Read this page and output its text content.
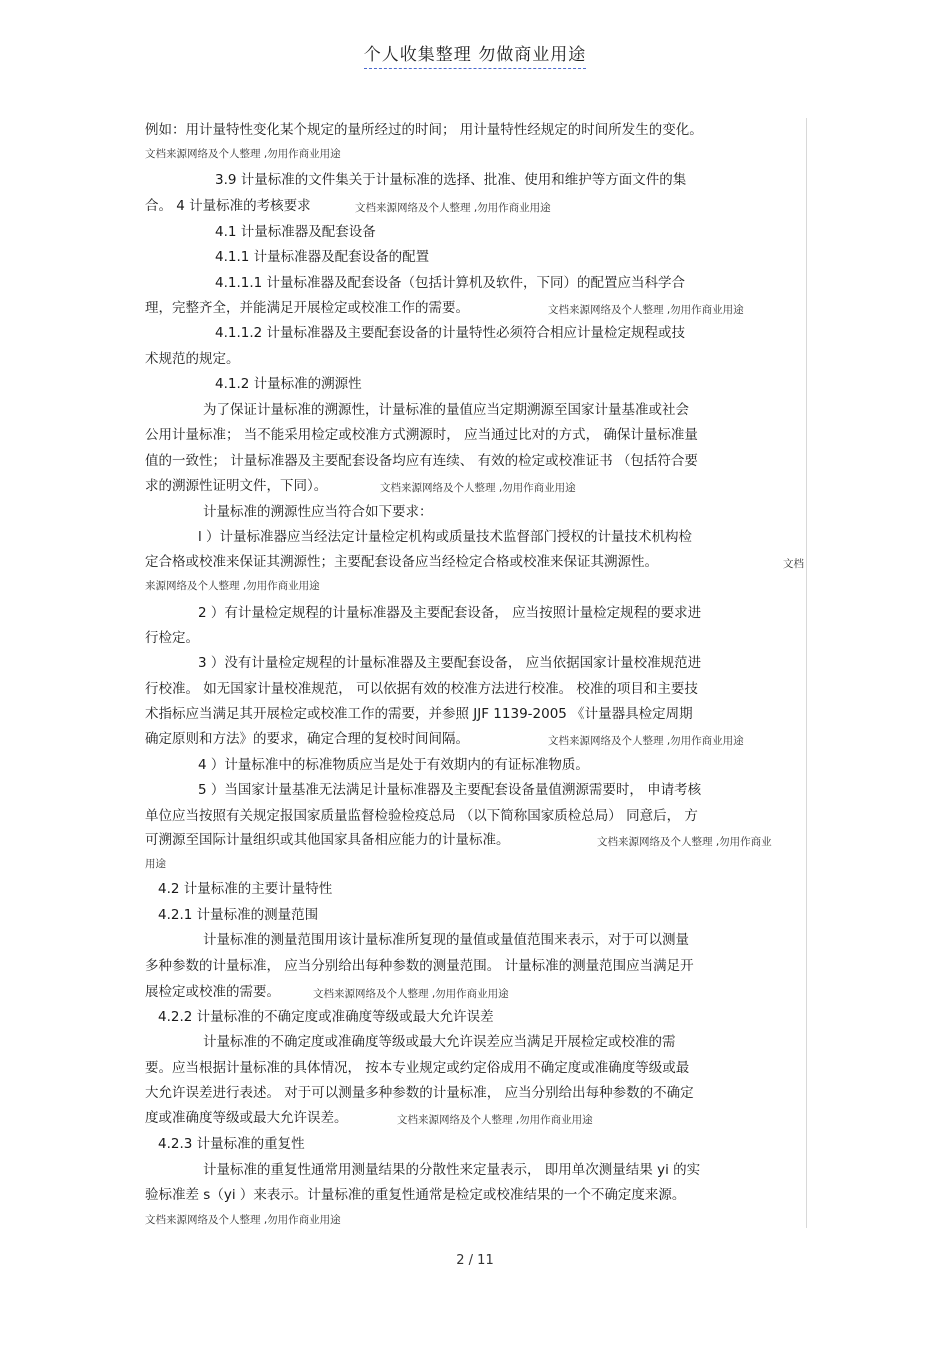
个人收集整理 勿做商业用途
例如：用计量特性变化某个规定的量所经过的时间； 用计量特性经规定的时间所发生的变化。
文档来源网络及个人整理 ,勿用作商业用途
3.9 计量标准的文件集关于计量标准的选择、批准、使用和维护等方面文件的集
合。 4 计量标准的考核要求	文档来源网络及个人整理 ,勿用作商业用途
4.1 计量标准器及配套设备
4.1.1 计量标准器及配套设备的配置
4.1.1.1 计量标准器及配套设备（包括计算机及软件，下同）的配置应当科学合
理，完整齐全，并能满足开展检定或校准工作的需要。	文档来源网络及个人整理 ,勿用作商业用途
4.1.1.2 计量标准器及主要配套设备的计量特性必须符合相应计量检定规程或技
术规范的规定。
4.1.2 计量标准的溯源性
为了保证计量标准的溯源性，计量标准的量值应当定期溯源至国家计量基准或社会
公用计量标准； 当不能采用检定或校准方式溯源时， 应当通过比对的方式， 确保计量标准量
值的一致性； 计量标准器及主要配套设备均应有连续、 有效的检定或校准证书 （包括符合要
求的溯源性证明文件，下同）。	文档来源网络及个人整理 ,勿用作商业用途
计量标准的溯源性应当符合如下要求：
l ）计量标准器应当经法定计量检定机构或质量技术监督部门授权的计量技术机构检
定合格或校准来保证其溯源性；主要配套设备应当经检定合格或校准来保证其溯源性。	文档
来源网络及个人整理 ,勿用作商业用途
2 ）有计量检定规程的计量标准器及主要配套设备， 应当按照计量检定规程的要求进
行检定。
3 ）没有计量检定规程的计量标准器及主要配套设备， 应当依据国家计量校准规范进
行校准。 如无国家计量校准规范， 可以依据有效的校准方法进行校准。 校准的项目和主要技
术指标应当满足其开展检定或校准工作的需要，并参照 JJF 1139-2005 《计量器具检定周期
确定原则和方法》的要求，确定合理的复校时间间隔。	文档来源网络及个人整理 ,勿用作商业用途
4 ）计量标准中的标准物质应当是处于有效期内的有证标准物质。
5 ）当国家计量基准无法满足计量标准器及主要配套设备量值溯源需要时， 申请考核
单位应当按照有关规定报国家质量监督检验检疫总局 （以下简称国家质检总局） 同意后， 方
可溯源至国际计量组织或其他国家具备相应能力的计量标准。	文档来源网络及个人整理 ,勿用作商业
用途
4.2 计量标准的主要计量特性
4.2.1 计量标准的测量范围
计量标准的测量范围用该计量标准所复现的量值或量值范围来表示，对于可以测量
多种参数的计量标准， 应当分别给出每种参数的测量范围。 计量标准的测量范围应当满足开
展检定或校准的需要。	文档来源网络及个人整理 ,勿用作商业用途
4.2.2 计量标准的不确定度或准确度等级或最大允许误差
计量标准的不确定度或准确度等级或最大允许误差应当满足开展检定或校准的需
要。应当根据计量标准的具体情况， 按本专业规定或约定俗成用不确定度或准确度等级或最
大允许误差进行表述。 对于可以测量多种参数的计量标准， 应当分别给出每种参数的不确定
度或准确度等级或最大允许误差。	文档来源网络及个人整理 ,勿用作商业用途
4.2.3 计量标准的重复性
计量标准的重复性通常用测量结果的分散性来定量表示， 即用单次测量结果 yi 的实
验标准差 s（yi ）来表示。计量标准的重复性通常是检定或校准结果的一个不确定度来源。
文档来源网络及个人整理 ,勿用作商业用途
2 / 11
